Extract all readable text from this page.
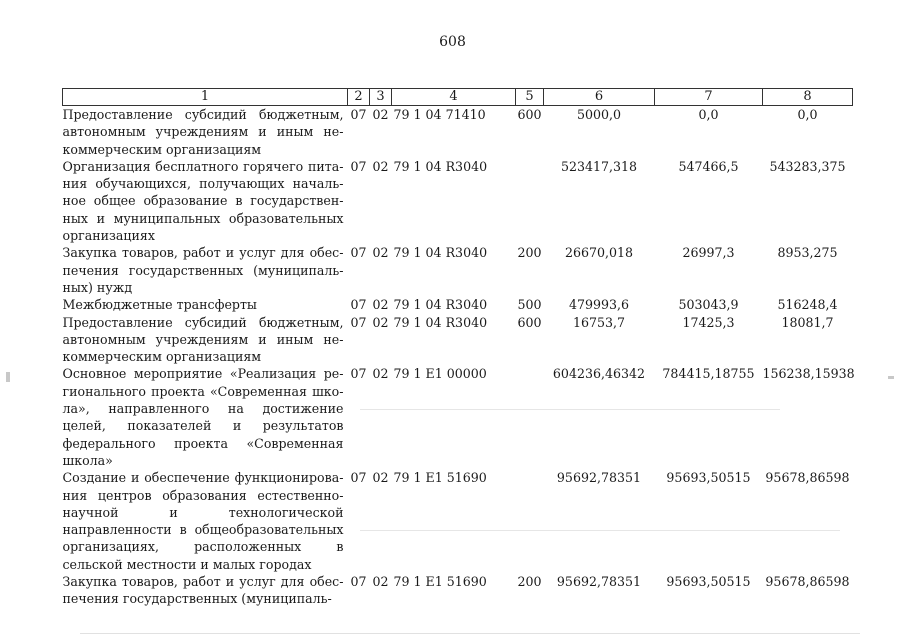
608
1	2	3	4	5	6	7	8
Предоставление субсидий бюджетным, автономным учреждениям и иным некоммерческим организациям	07	02	79 1 04 71410	600	5000,0	0,0	0,0
Организация бесплатного горячего питания обучающихся, получающих начальное общее образование в государственных и муниципальных образовательных организациях	07	02	79 1 04 R3040		523417,318	547466,5	543283,375
Закупка товаров, работ и услуг для обеспечения государственных (муниципальных) нужд	07	02	79 1 04 R3040	200	26670,018	26997,3	8953,275
Межбюджетные трансферты	07	02	79 1 04 R3040	500	479993,6	503043,9	516248,4
Предоставление субсидий бюджетным, автономным учреждениям и иным некоммерческим организациям	07	02	79 1 04 R3040	600	16753,7	17425,3	18081,7
Основное мероприятие «Реализация регионального проекта «Современная школа», направленного на достижение целей, показателей и результатов федерального проекта «Современная школа»	07	02	79 1 E1 00000		604236,46342	784415,18755	156238,15938
Создание и обеспечение функционирования центров образования естественнонаучной и технологической направленности в общеобразовательных организациях, расположенных в сельской местности и малых городах	07	02	79 1 E1 51690		95692,78351	95693,50515	95678,86598
Закупка товаров, работ и услуг для обеспечения государственных (муниципаль-	07	02	79 1 E1 51690	200	95692,78351	95693,50515	95678,86598
